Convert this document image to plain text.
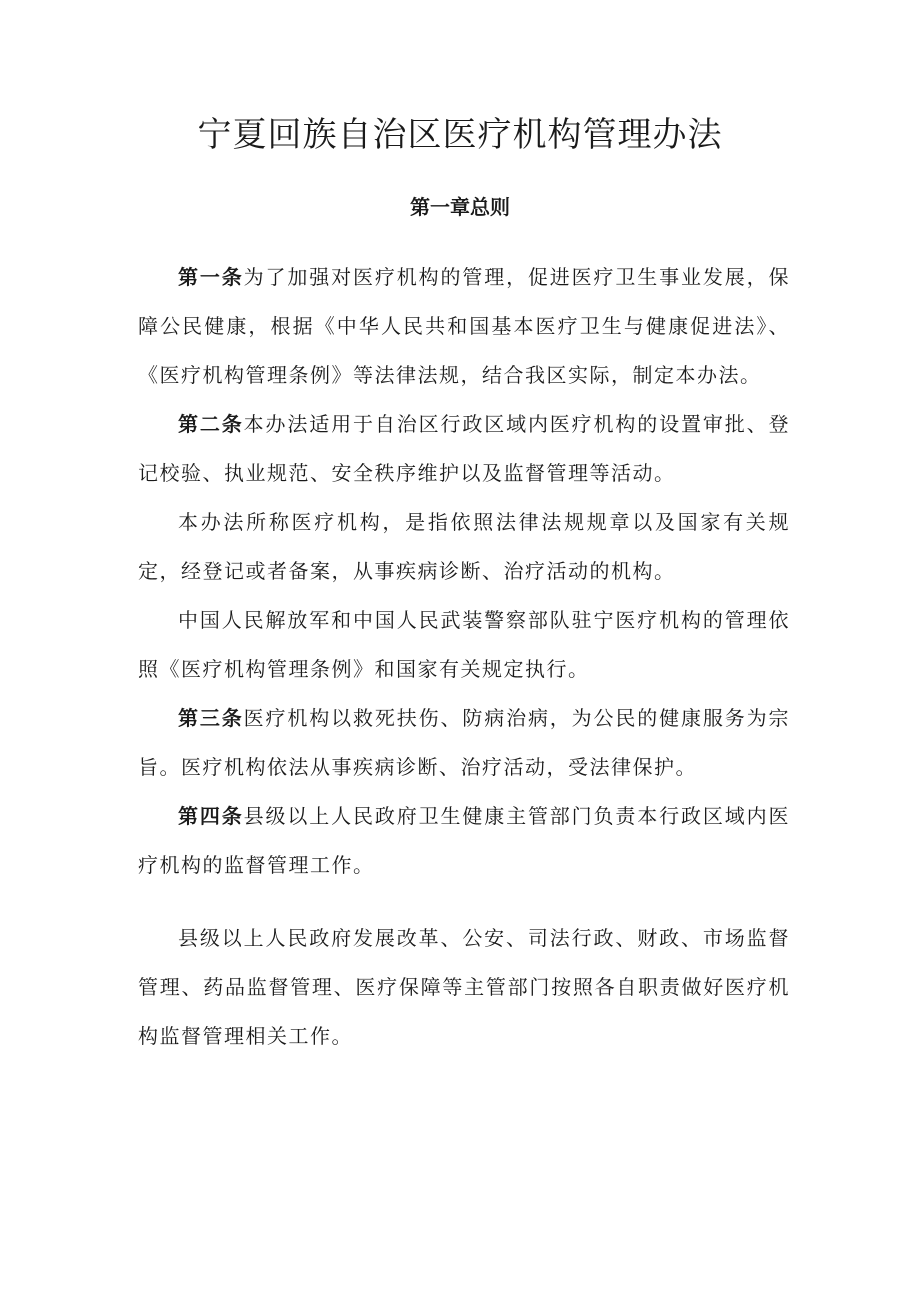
宁夏回族自治区医疗机构管理办法
第一章总则

第一条为了加强对医疗机构的管理，促进医疗卫生事业发展，保障公民健康，根据《中华人民共和国基本医疗卫生与健康促进法》、《医疗机构管理条例》等法律法规，结合我区实际，制定本办法。

第二条本办法适用于自治区行政区域内医疗机构的设置审批、登记校验、执业规范、安全秩序维护以及监督管理等活动。

本办法所称医疗机构，是指依照法律法规规章以及国家有关规定，经登记或者备案，从事疾病诊断、治疗活动的机构。

中国人民解放军和中国人民武装警察部队驻宁医疗机构的管理依照《医疗机构管理条例》和国家有关规定执行。

第三条医疗机构以救死扶伤、防病治病，为公民的健康服务为宗旨。医疗机构依法从事疾病诊断、治疗活动，受法律保护。

第四条县级以上人民政府卫生健康主管部门负责本行政区域内医疗机构的监督管理工作。

县级以上人民政府发展改革、公安、司法行政、财政、市场监督管理、药品监督管理、医疗保障等主管部门按照各自职责做好医疗机构监督管理相关工作。
